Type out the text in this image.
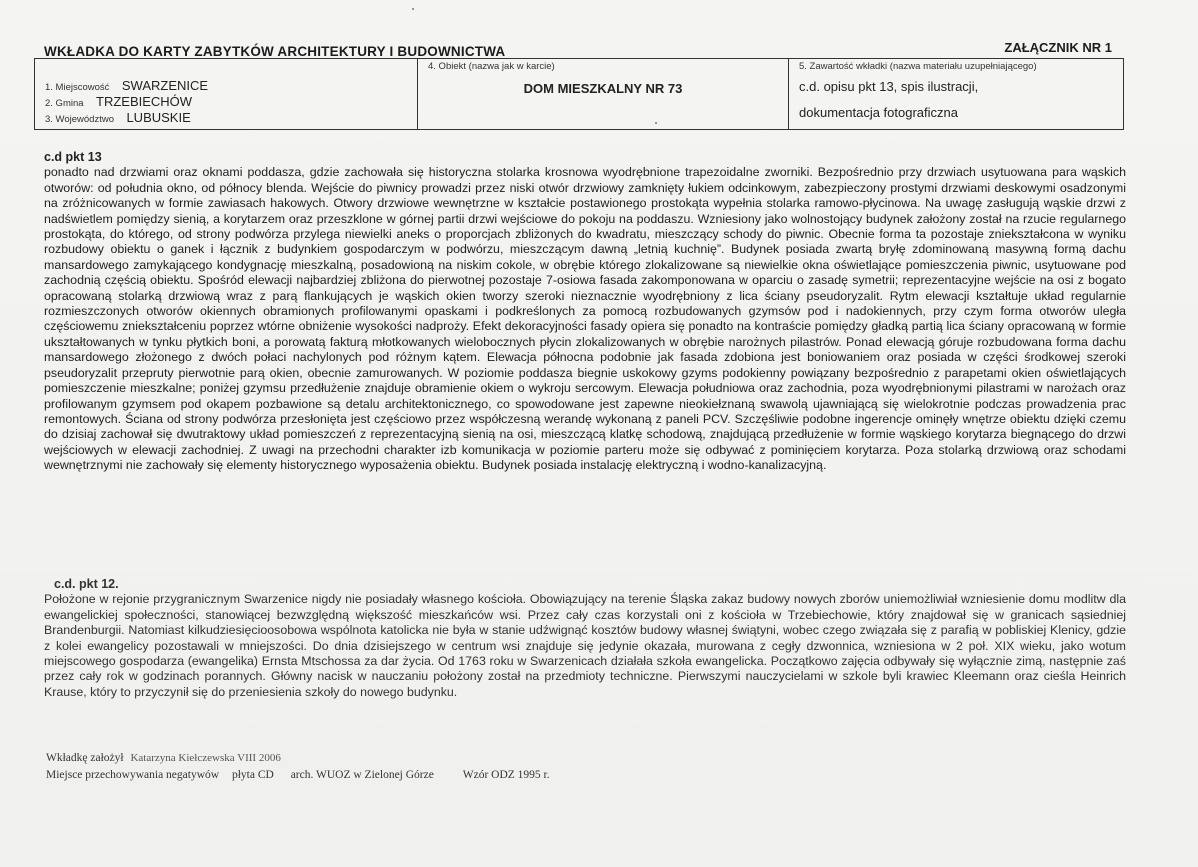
WKŁADKA DO KARTY ZABYTKÓW ARCHITEKTURY I BUDOWNICTWA	ZAŁĄCZNIK NR 1
1. Miejscowość SWARZENICE
2. Gmina TRZEBIECHÓW
3. Województwo LUBUSKIE
4. Obiekt (nazwa jak w karcie)
DOM MIESZKALNY NR 73
5. Zawartość wkładki (nazwa materiału uzupełniającego)
c.d. opisu pkt 13, spis ilustracji,
dokumentacja fotograficzna
c.d pkt 13
ponadto nad drzwiami oraz oknami poddasza, gdzie zachowała się historyczna stolarka krosnowa wyodrębnione trapezoidalne zworniki. Bezpośrednio przy drzwiach usytuowana para wąskich otworów: od południa okno, od północy blenda. Wejście do piwnicy prowadzi przez niski otwór drzwiowy zamknięty łukiem odcinkowym, zabezpieczony prostymi drzwiami deskowymi osadzonymi na zróżnicowanych w formie zawiasach hakowych. Otwory drzwiowe wewnętrzne w kształcie postawionego prostokąta wypełnia stolarka ramowo-płycinowa. Na uwagę zasługują wąskie drzwi z nadświetlem pomiędzy sienią, a korytarzem oraz przeszklone w górnej partii drzwi wejściowe do pokoju na poddaszu. Wzniesiony jako wolnostojący budynek założony został na rzucie regularnego prostokąta, do którego, od strony podwórza przylega niewielki aneks o proporcjach zbliżonych do kwadratu, mieszczący schody do piwnic. Obecnie forma ta pozostaje zniekształcona w wyniku rozbudowy obiektu o ganek i łącznik z budynkiem gospodarczym w podwórzu, mieszczącym dawną „letnią kuchnię”. Budynek posiada zwartą bryłę zdominowaną masywną formą dachu mansardowego zamykającego kondygnację mieszkalną, posadowioną na niskim cokole, w obrębie którego zlokalizowane są niewielkie okna oświetlające pomieszczenia piwnic, usytuowane pod zachodnią częścią obiektu. Spośród elewacji najbardziej zbliżona do pierwotnej pozostaje 7-osiowa fasada zakomponowana w oparciu o zasadę symetrii; reprezentacyjne wejście na osi z bogato opracowaną stolarką drzwiową wraz z parą flankujących je wąskich okien tworzy szeroki nieznacznie wyodrębniony z lica ściany pseudoryzalit. Rytm elewacji kształtuje układ regularnie rozmieszczonych otworów okiennych obramionych profilowanymi opaskami i podkreślonych za pomocą rozbudowanych gzymsów pod i nadokiennych, przy czym forma otworów uległa częściowemu zniekształceniu poprzez wtórne obniżenie wysokości nadproży. Efekt dekoracyjności fasady opiera się ponadto na kontraście pomiędzy gładką partią lica ściany opracowaną w formie ukształtowanych w tynku płytkich boni, a porowatą fakturą młotkowanych wielobocznych płycin zlokalizowanych w obrębie narożnych pilastrów. Ponad elewacją góruje rozbudowana forma dachu mansardowego złożonego z dwóch połaci nachylonych pod różnym kątem. Elewacja północna podobnie jak fasada zdobiona jest boniowaniem oraz posiada w części środkowej szeroki pseudoryzalit przepruty pierwotnie parą okien, obecnie zamurowanych. W poziomie poddasza biegnie uskokowy gzyms podokienny powiązany bezpośrednio z parapetami okien oświetlających pomieszczenie mieszkalne; poniżej gzymsu przedłużenie znajduje obramienie okiem o wykroju sercowym. Elewacja południowa oraz zachodnia, poza wyodrębnionymi pilastrami w narożach oraz profilowanym gzymsem pod okapem pozbawione są detalu architektonicznego, co spowodowane jest zapewne nieokiełznaną swawolą ujawniającą się wielokrotnie podczas prowadzenia prac remontowych. Ściana od strony podwórza przesłonięta jest częściowo przez współczesną werandę wykonaną z paneli PCV. Szczęśliwie podobne ingerencje ominęły wnętrze obiektu dzięki czemu do dzisiaj zachował się dwutraktowy układ pomieszczeń z reprezentacyjną sienią na osi, mieszczącą klatkę schodową, znajdującą przedłużenie w formie wąskiego korytarza biegnącego do drzwi wejściowych w elewacji zachodniej. Z uwagi na przechodni charakter izb komunikacja w poziomie parteru może się odbywać z pominięciem korytarza. Poza stolarką drzwiową oraz schodami wewnętrznymi nie zachowały się elementy historycznego wyposażenia obiektu. Budynek posiada instalację elektryczną i wodno-kanalizacyjną.
c.d. pkt 12.
Położone w rejonie przygranicznym Swarzenice nigdy nie posiadały własnego kościoła. Obowiązujący na terenie Śląska zakaz budowy nowych zborów uniemożliwiał wzniesienie domu modlitw dla ewangelickiej społeczności, stanowiącej bezwzględną większość mieszkańców wsi. Przez cały czas korzystali oni z kościoła w Trzebiechowie, który znajdował się w granicach sąsiedniej Brandenburgii. Natomiast kilkudziesięcioosobowa wspólnota katolicka nie była w stanie udźwignąć kosztów budowy własnej świątyni, wobec czego związała się z parafią w pobliskiej Klenicy, gdzie z kolei ewangelicy pozostawali w mniejszości. Do dnia dzisiejszego w centrum wsi znajduje się jedynie okazała, murowana z cegły dzwonnica, wzniesiona w 2 poł. XIX wieku, jako wotum miejscowego gospodarza (ewangelika) Ernsta Mtschossa za dar życia. Od 1763 roku w Swarzenicach działała szkoła ewangelicka. Początkowo zajęcia odbywały się wyłącznie zimą, następnie zaś przez cały rok w godzinach porannych. Główny nacisk w nauczaniu położony został na przedmioty techniczne. Pierwszymi nauczycielami w szkole byli krawiec Kleemann oraz cieśla Heinrich Krause, który to przyczynił się do przeniesienia szkoły do nowego budynku.
Wkładkę założył Katarzyna Kiełczewska VIII 2006
Miejsce przechowywania negatywów płyta CD arch. WUOZ w Zielonej Górze	Wzór ODZ 1995 r.
